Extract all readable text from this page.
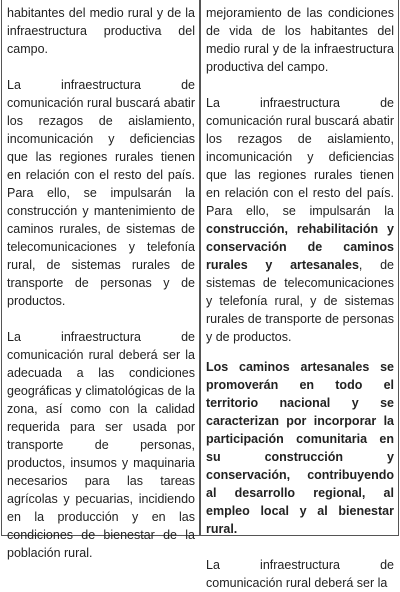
habitantes del medio rural y de la infraestructura productiva del campo.

La infraestructura de comunicación rural buscará abatir los rezagos de aislamiento, incomunicación y deficiencias que las regiones rurales tienen en relación con el resto del país. Para ello, se impulsarán la construcción y mantenimiento de caminos rurales, de sistemas de telecomunicaciones y telefonía rural, de sistemas rurales de transporte de personas y de productos.

La infraestructura de comunicación rural deberá ser la adecuada a las condiciones geográficas y climatológicas de la zona, así como con la calidad requerida para ser usada por transporte de personas, productos, insumos y maquinaria necesarios para las tareas agrícolas y pecuarias, incidiendo en la producción y en las condiciones de bienestar de la población rural.

mejoramiento de las condiciones de vida de los habitantes del medio rural y de la infraestructura productiva del campo.

La infraestructura de comunicación rural buscará abatir los rezagos de aislamiento, incomunicación y deficiencias que las regiones rurales tienen en relación con el resto del país. Para ello, se impulsarán la construcción, rehabilitación y conservación de caminos rurales y artesanales, de sistemas de telecomunicaciones y telefonía rural, y de sistemas rurales de transporte de personas y de productos.

Los caminos artesanales se promoverán en todo el territorio nacional y se caracterizan por incorporar la participación comunitaria en su construcción y conservación, contribuyendo al desarrollo regional, al empleo local y al bienestar rural.

La infraestructura de comunicación rural deberá ser la
